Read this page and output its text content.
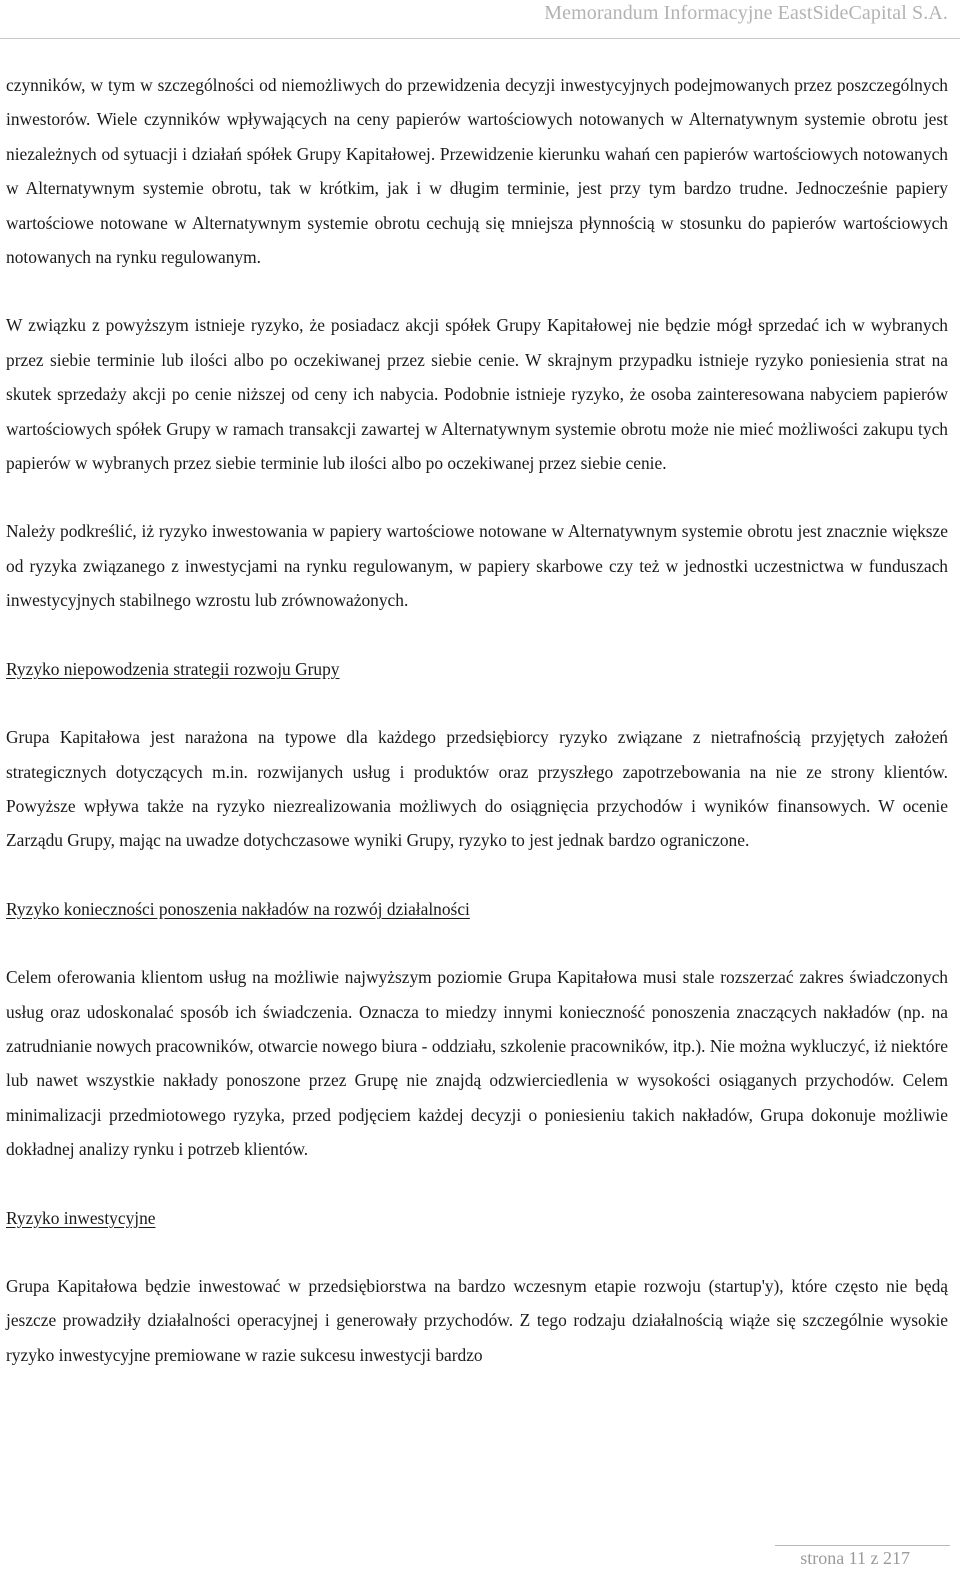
Memorandum Informacyjne EastSideCapital S.A.

czynników, w tym w szczególności od niemożliwych do przewidzenia decyzji inwestycyjnych podejmowanych przez poszczególnych inwestorów. Wiele czynników wpływających na ceny papierów wartościowych notowanych w Alternatywnym systemie obrotu jest niezależnych od sytuacji i działań spółek Grupy Kapitałowej. Przewidzenie kierunku wahań cen papierów wartościowych notowanych w Alternatywnym systemie obrotu, tak w krótkim, jak i w długim terminie, jest przy tym bardzo trudne. Jednocześnie papiery wartościowe notowane w Alternatywnym systemie obrotu cechują się mniejsza płynnością w stosunku do papierów wartościowych notowanych na rynku regulowanym.

W związku z powyższym istnieje ryzyko, że posiadacz akcji spółek Grupy Kapitałowej nie będzie mógł sprzedać ich w wybranych przez siebie terminie lub ilości albo po oczekiwanej przez siebie cenie. W skrajnym przypadku istnieje ryzyko poniesienia strat na skutek sprzedaży akcji po cenie niższej od ceny ich nabycia. Podobnie istnieje ryzyko, że osoba zainteresowana nabyciem papierów wartościowych spółek Grupy w ramach transakcji zawartej w Alternatywnym systemie obrotu może nie mieć możliwości zakupu tych papierów w wybranych przez siebie terminie lub ilości albo po oczekiwanej przez siebie cenie.

Należy podkreślić, iż ryzyko inwestowania w papiery wartościowe notowane w Alternatywnym systemie obrotu jest znacznie większe od ryzyka związanego z inwestycjami na rynku regulowanym, w papiery skarbowe czy też w jednostki uczestnictwa w funduszach inwestycyjnych stabilnego wzrostu lub zrównoważonych.

Ryzyko niepowodzenia strategii rozwoju Grupy

Grupa Kapitałowa jest narażona na typowe dla każdego przedsiębiorcy ryzyko związane z nietrafnością przyjętych założeń strategicznych dotyczących m.in. rozwijanych usług i produktów oraz przyszłego zapotrzebowania na nie ze strony klientów. Powyższe wpływa także na ryzyko niezrealizowania możliwych do osiągnięcia przychodów i wyników finansowych. W ocenie Zarządu Grupy, mając na uwadze dotychczasowe wyniki Grupy, ryzyko to jest jednak bardzo ograniczone.

Ryzyko konieczności ponoszenia nakładów na rozwój działalności

Celem oferowania klientom usług na możliwie najwyższym poziomie Grupa Kapitałowa musi stale rozszerzać zakres świadczonych usług oraz udoskonalać sposób ich świadczenia. Oznacza to miedzy innymi konieczność ponoszenia znaczących nakładów (np. na zatrudnianie nowych pracowników, otwarcie nowego biura - oddziału, szkolenie pracowników, itp.). Nie można wykluczyć, iż niektóre lub nawet wszystkie nakłady ponoszone przez Grupę nie znajdą odzwierciedlenia w wysokości osiąganych przychodów. Celem minimalizacji przedmiotowego ryzyka, przed podjęciem każdej decyzji o poniesieniu takich nakładów, Grupa dokonuje możliwie dokładnej analizy rynku i potrzeb klientów.

Ryzyko inwestycyjne

Grupa Kapitałowa będzie inwestować w przedsiębiorstwa na bardzo wczesnym etapie rozwoju (startup'y), które często nie będą jeszcze prowadziły działalności operacyjnej i generowały przychodów. Z tego rodzaju działalnością wiąże się szczególnie wysokie ryzyko inwestycyjne premiowane w razie sukcesu inwestycji bardzo

strona 11 z 217
